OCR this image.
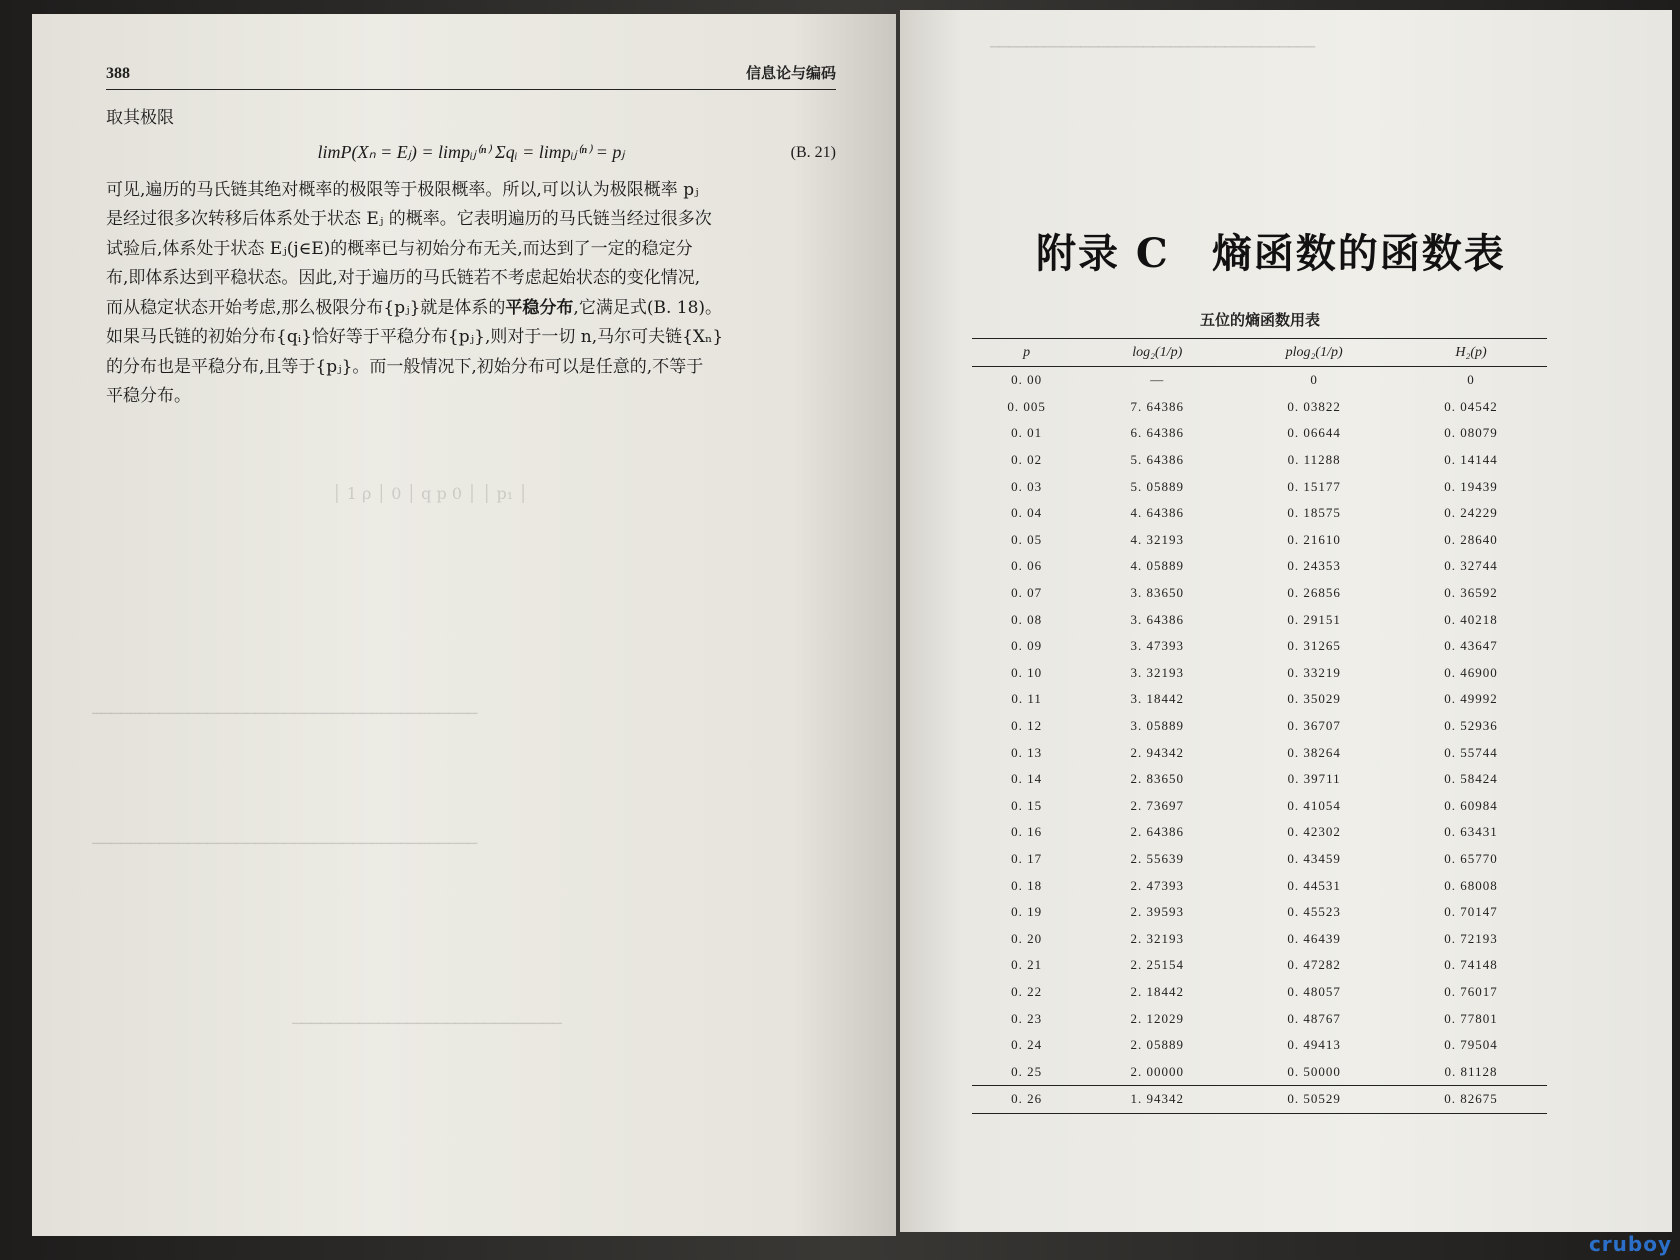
388	信息论与编码

取其极限

limP(Xₙ = Eⱼ) = limpᵢⱼ⁽ⁿ⁾ Σqᵢ = limpᵢⱼ⁽ⁿ⁾ = pⱼ	(B. 21)
可见,遍历的马氏链其绝对概率的极限等于极限概率。所以,可以认为极限概率 pⱼ
是经过很多次转移后体系处于状态 Eⱼ 的概率。它表明遍历的马氏链当经过很多次
试验后,体系处于状态 Eⱼ(j∈E)的概率已与初始分布无关,而达到了一定的稳定分
布,即体系达到平稳状态。因此,对于遍历的马氏链若不考虑起始状态的变化情况,
而从稳定状态开始考虑,那么极限分布{pⱼ}就是体系的平稳分布,它满足式(B. 18)。
如果马氏链的初始分布{qᵢ}恰好等于平稳分布{pⱼ},则对于一切 n,马尔可夫链{Xₙ}
的分布也是平稳分布,且等于{pⱼ}。而一般情况下,初始分布可以是任意的,不等于
平稳分布。
│ 1 ρ │ 0 │ q p 0 │ │ p₁ │
────────────────────────────────────────
────────────────────────────────────────
────────────────────────────
────────────────────────────────────
附录 C　熵函数的函数表
五位的熵函数用表
p	log₂(1/p)	plog₂(1/p)	H₂(p)
0. 00	—	0	0
0. 005	7. 64386	0. 03822	0. 04542
0. 01	6. 64386	0. 06644	0. 08079
0. 02	5. 64386	0. 11288	0. 14144
0. 03	5. 05889	0. 15177	0. 19439
0. 04	4. 64386	0. 18575	0. 24229
0. 05	4. 32193	0. 21610	0. 28640
0. 06	4. 05889	0. 24353	0. 32744
0. 07	3. 83650	0. 26856	0. 36592
0. 08	3. 64386	0. 29151	0. 40218
0. 09	3. 47393	0. 31265	0. 43647
0. 10	3. 32193	0. 33219	0. 46900
0. 11	3. 18442	0. 35029	0. 49992
0. 12	3. 05889	0. 36707	0. 52936
0. 13	2. 94342	0. 38264	0. 55744
0. 14	2. 83650	0. 39711	0. 58424
0. 15	2. 73697	0. 41054	0. 60984
0. 16	2. 64386	0. 42302	0. 63431
0. 17	2. 55639	0. 43459	0. 65770
0. 18	2. 47393	0. 44531	0. 68008
0. 19	2. 39593	0. 45523	0. 70147
0. 20	2. 32193	0. 46439	0. 72193
0. 21	2. 25154	0. 47282	0. 74148
0. 22	2. 18442	0. 48057	0. 76017
0. 23	2. 12029	0. 48767	0. 77801
0. 24	2. 05889	0. 49413	0. 79504
0. 25	2. 00000	0. 50000	0. 81128
0. 26	1. 94342	0. 50529	0. 82675
cruboy
